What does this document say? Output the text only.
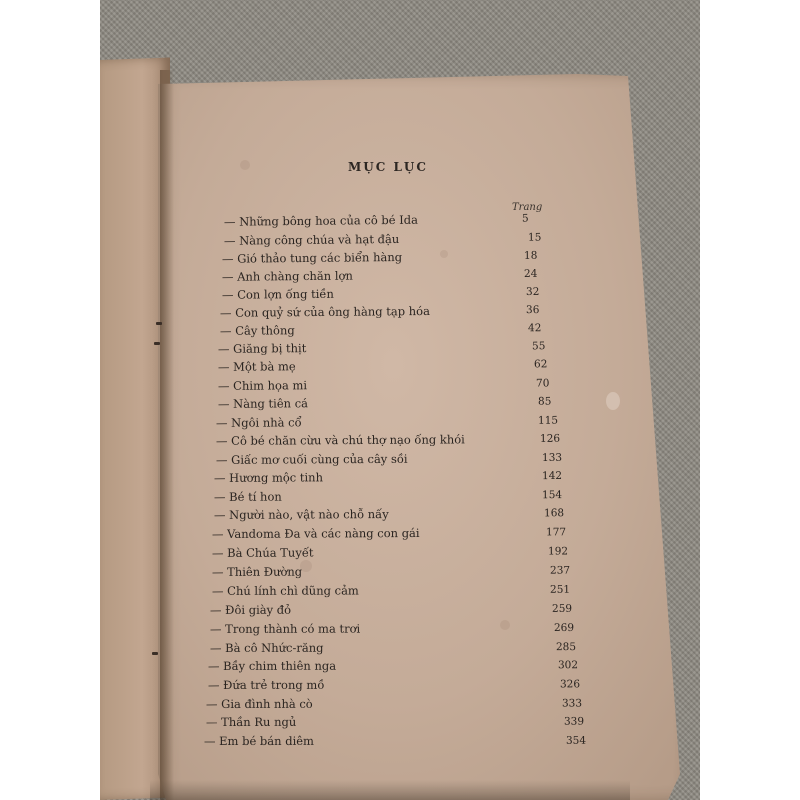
MỤC LỤC
Trang
— Những bông hoa của cô bé Ida	5
— Nàng công chúa và hạt đậu	15
— Gió thảo tung các biển hàng	18
— Anh chàng chăn lợn	24
— Con lợn ống tiền	32
— Con quỷ sứ của ông hàng tạp hóa	36
— Cây thông	42
— Giăng bị thịt	55
— Một bà mẹ	62
— Chim họa mi	70
— Nàng tiên cá	85
— Ngôi nhà cổ	115
— Cô bé chăn cừu và chú thợ nạo ống khói	126
— Giấc mơ cuối cùng của cây sồi	133
— Hương mộc tinh	142
— Bé tí hon	154
— Người nào, vật nào chỗ nấy	168
— Vandoma Đa và các nàng con gái	177
— Bà Chúa Tuyết	192
— Thiên Đường	237
— Chú lính chì dũng cảm	251
— Đôi giày đỏ	259
— Trong thành có ma trơi	269
— Bà cô Nhức-răng	285
— Bầy chim thiên nga	302
— Đứa trẻ trong mồ	326
— Gia đình nhà cò	333
— Thần Ru ngủ	339
— Em bé bán diêm	354
